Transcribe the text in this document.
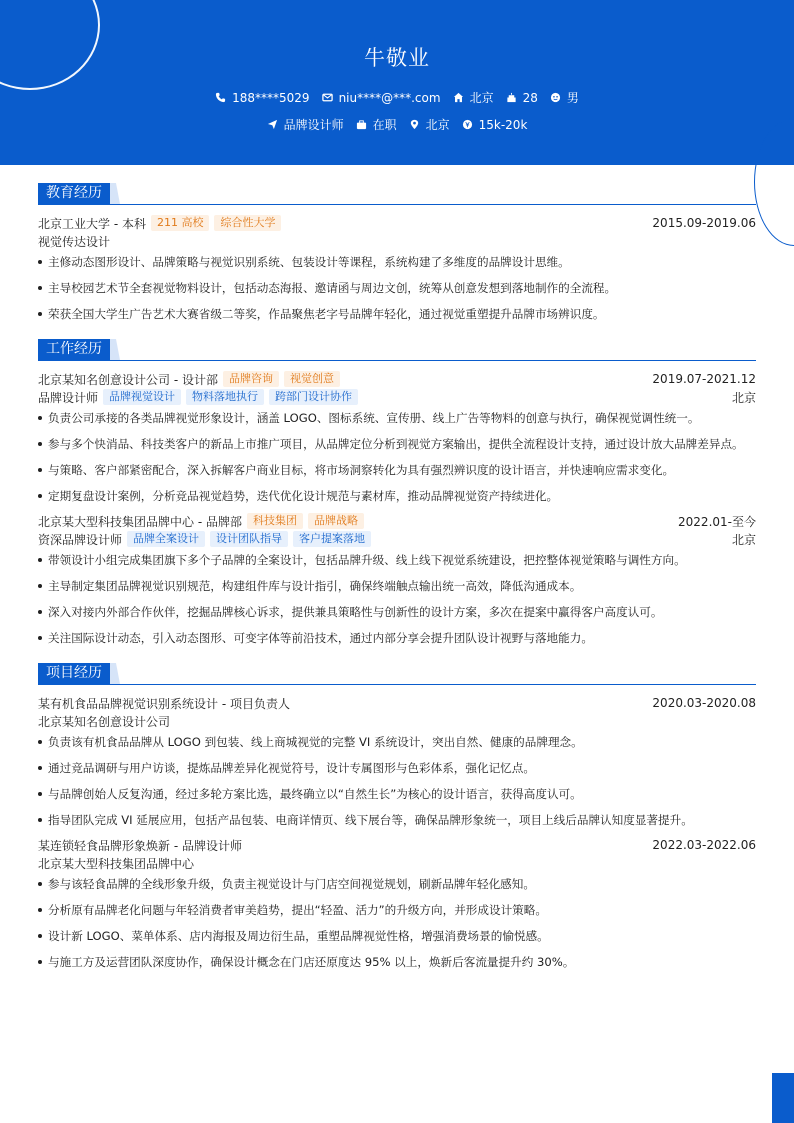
牛敬业
188****5029 niu****@***.com 北京 28 男
品牌设计师 在职 北京 15k-20k
教育经历
北京工业大学 - 本科	211 高校	综合性大学	2015.09-2019.06
视觉传达设计
主修动态图形设计、品牌策略与视觉识别系统、包装设计等课程，系统构建了多维度的品牌设计思维。
主导校园艺术节全套视觉物料设计，包括动态海报、邀请函与周边文创，统筹从创意发想到落地制作的全流程。
荣获全国大学生广告艺术大赛省级二等奖，作品聚焦老字号品牌年轻化，通过视觉重塑提升品牌市场辨识度。
工作经历
北京某知名创意设计公司 - 设计部	品牌咨询	视觉创意	2019.07-2021.12
品牌设计师	品牌视觉设计	物料落地执行	跨部门设计协作	北京
负责公司承接的各类品牌视觉形象设计，涵盖 LOGO、图标系统、宣传册、线上广告等物料的创意与执行，确保视觉调性统一。
参与多个快消品、科技类客户的新品上市推广项目，从品牌定位分析到视觉方案输出，提供全流程设计支持，通过设计放大品牌差异点。
与策略、客户部紧密配合，深入拆解客户商业目标，将市场洞察转化为具有强烈辨识度的设计语言，并快速响应需求变化。
定期复盘设计案例，分析竞品视觉趋势，迭代优化设计规范与素材库，推动品牌视觉资产持续进化。
北京某大型科技集团品牌中心 - 品牌部	科技集团	品牌战略	2022.01-至今
资深品牌设计师	品牌全案设计	设计团队指导	客户提案落地	北京
带领设计小组完成集团旗下多个子品牌的全案设计，包括品牌升级、线上线下视觉系统建设，把控整体视觉策略与调性方向。
主导制定集团品牌视觉识别规范，构建组件库与设计指引，确保终端触点输出统一高效，降低沟通成本。
深入对接内外部合作伙伴，挖掘品牌核心诉求，提供兼具策略性与创新性的设计方案，多次在提案中赢得客户高度认可。
关注国际设计动态，引入动态图形、可变字体等前沿技术，通过内部分享会提升团队设计视野与落地能力。
项目经历
某有机食品品牌视觉识别系统设计 - 项目负责人	2020.03-2020.08
北京某知名创意设计公司
负责该有机食品品牌从 LOGO 到包装、线上商城视觉的完整 VI 系统设计，突出自然、健康的品牌理念。
通过竞品调研与用户访谈，提炼品牌差异化视觉符号，设计专属图形与色彩体系，强化记忆点。
与品牌创始人反复沟通，经过多轮方案比选，最终确立以“自然生长”为核心的设计语言，获得高度认可。
指导团队完成 VI 延展应用，包括产品包装、电商详情页、线下展台等，确保品牌形象统一，项目上线后品牌认知度显著提升。
某连锁轻食品牌形象焕新 - 品牌设计师	2022.03-2022.06
北京某大型科技集团品牌中心
参与该轻食品牌的全线形象升级，负责主视觉设计与门店空间视觉规划，刷新品牌年轻化感知。
分析原有品牌老化问题与年轻消费者审美趋势，提出“轻盈、活力”的升级方向，并形成设计策略。
设计新 LOGO、菜单体系、店内海报及周边衍生品，重塑品牌视觉性格，增强消费场景的愉悦感。
与施工方及运营团队深度协作，确保设计概念在门店还原度达 95% 以上，焕新后客流量提升约 30%。
